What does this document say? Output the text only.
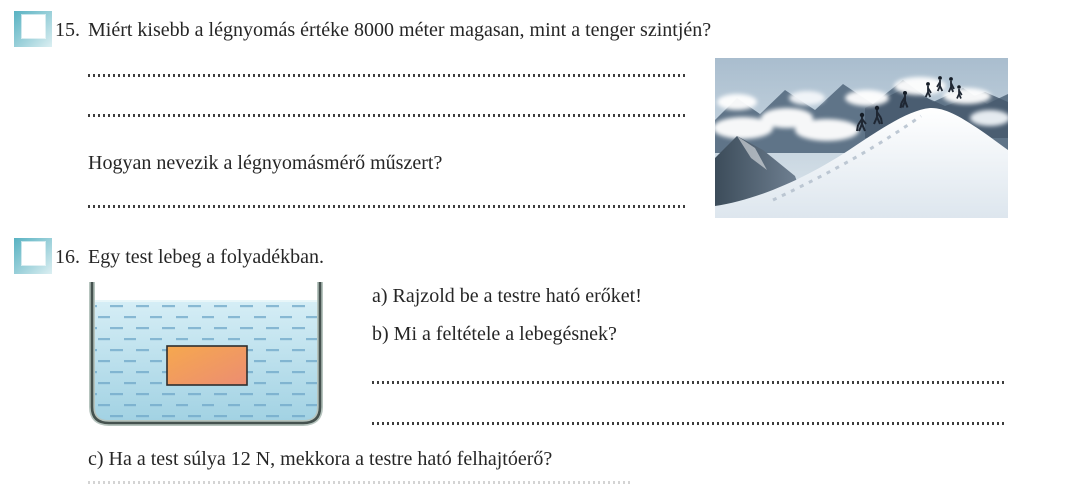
15. Miért kisebb a légnyomás értéke 8000 méter magasan, mint a tenger szintjén?
Hogyan nevezik a légnyomásmérő műszert?
16. Egy test lebeg a folyadékban.
a) Rajzold be a testre ható erőket!
b) Mi a feltétele a lebegésnek?
c) Ha a test súlya 12 N, mekkora a testre ható felhajtóerő?
